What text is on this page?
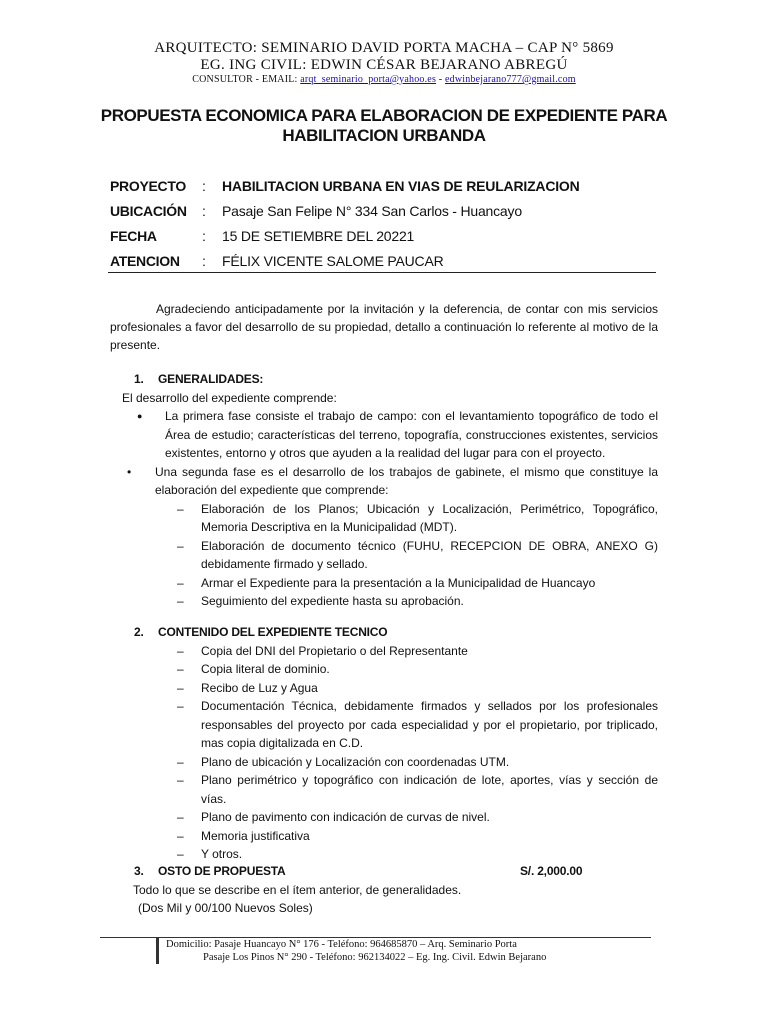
ARQUITECTO: SEMINARIO DAVID PORTA MACHA – CAP N° 5869
EG. ING CIVIL: EDWIN CÉSAR BEJARANO ABREGÚ
CONSULTOR - EMAIL: arqt_seminario_porta@yahoo.es - edwinbejarano777@gmail.com
PROPUESTA ECONOMICA PARA ELABORACION DE EXPEDIENTE PARA
HABILITACION URBANDA
PROYECTO	:	HABILITACION URBANA EN VIAS DE REULARIZACION
UBICACIÓN	:	Pasaje San Felipe N° 334 San Carlos - Huancayo
FECHA	:	15 DE SETIEMBRE DEL 20221
ATENCION	:	FÉLIX VICENTE SALOME PAUCAR
Agradeciendo anticipadamente por la invitación y la deferencia, de contar con mis servicios profesionales a favor del desarrollo de su propiedad, detallo a continuación lo referente al motivo de la presente.
1. GENERALIDADES:
El desarrollo del expediente comprende:
● La primera fase consiste el trabajo de campo: con el levantamiento topográfico de todo el Área de estudio; características del terreno, topografía, construcciones existentes, servicios existentes, entorno y otros que ayuden a la realidad del lugar para con el proyecto.
• Una segunda fase es el desarrollo de los trabajos de gabinete, el mismo que constituye la elaboración del expediente que comprende:
– Elaboración de los Planos; Ubicación y Localización, Perimétrico, Topográfico, Memoria Descriptiva en la Municipalidad (MDT).
– Elaboración de documento técnico (FUHU, RECEPCION DE OBRA, ANEXO G) debidamente firmado y sellado.
– Armar el Expediente para la presentación a la Municipalidad de Huancayo
– Seguimiento del expediente hasta su aprobación.
2. CONTENIDO DEL EXPEDIENTE TECNICO
– Copia del DNI del Propietario o del Representante
– Copia literal de dominio.
– Recibo de Luz y Agua
– Documentación Técnica, debidamente firmados y sellados por los profesionales responsables del proyecto por cada especialidad y por el propietario, por triplicado, mas copia digitalizada en C.D.
– Plano de ubicación y Localización con coordenadas UTM.
– Plano perimétrico y topográfico con indicación de lote, aportes, vías y sección de vías.
– Plano de pavimento con indicación de curvas de nivel.
– Memoria justificativa
– Y otros.
3. OSTO DE PROPUESTA	S/. 2,000.00
Todo lo que se describe en el ítem anterior, de generalidades.
(Dos Mil y 00/100 Nuevos Soles)
Domicilio: Pasaje Huancayo N° 176 - Teléfono: 964685870 – Arq. Seminario Porta
Pasaje Los Pinos N° 290 - Teléfono: 962134022 – Eg. Ing. Civil. Edwin Bejarano
